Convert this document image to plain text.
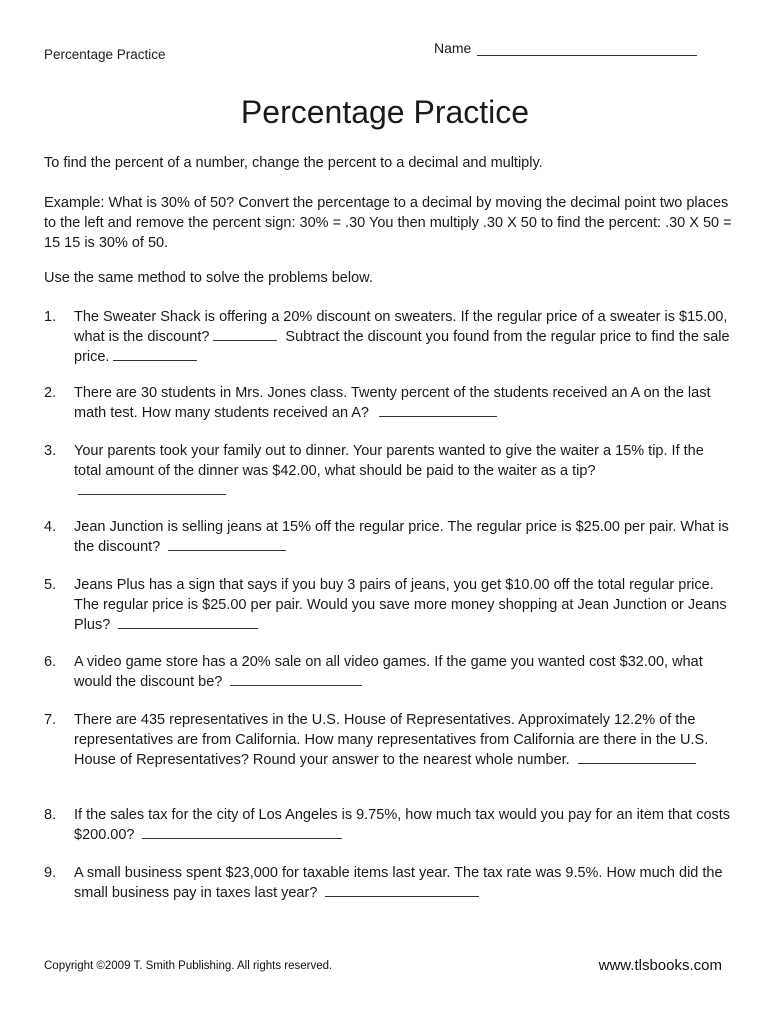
Percentage Practice	Name
Percentage Practice
To find the percent of a number, change the percent to a decimal and multiply.
Example: What is 30% of 50? Convert the percentage to a decimal by moving the decimal point two places to the left and remove the percent sign: 30% = .30 You then multiply .30 X 50 to find the percent: .30 X 50 = 15 15 is 30% of 50.
Use the same method to solve the problems below.
1.	The Sweater Shack is offering a 20% discount on sweaters. If the regular price of a sweater is $15.00, what is the discount?	Subtract the discount you found from the regular price to find the sale price.
2.	There are 30 students in Mrs. Jones class. Twenty percent of the students received an A on the last math test. How many students received an A?
3.	Your parents took your family out to dinner. Your parents wanted to give the waiter a 15% tip. If the total amount of the dinner was $42.00, what should be paid to the waiter as a tip?
4.	Jean Junction is selling jeans at 15% off the regular price. The regular price is $25.00 per pair. What is the discount?
5.	Jeans Plus has a sign that says if you buy 3 pairs of jeans, you get $10.00 off the total regular price. The regular price is $25.00 per pair. Would you save more money shopping at Jean Junction or Jeans Plus?
6.	A video game store has a 20% sale on all video games. If the game you wanted cost $32.00, what would the discount be?
7.	There are 435 representatives in the U.S. House of Representatives. Approximately 12.2% of the representatives are from California. How many representatives from California are there in the U.S. House of Representatives? Round your answer to the nearest whole number.
8.	If the sales tax for the city of Los Angeles is 9.75%, how much tax would you pay for an item that costs $200.00?
9.	A small business spent $23,000 for taxable items last year. The tax rate was 9.5%. How much did the small business pay in taxes last year?
Copyright ©2009 T. Smith Publishing. All rights reserved.	www.tlsbooks.com
